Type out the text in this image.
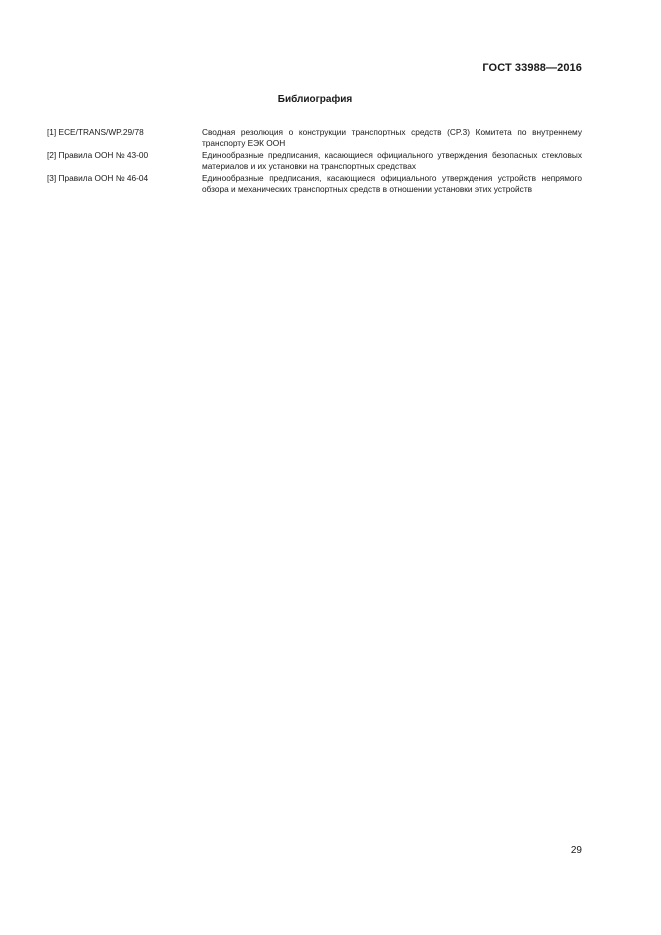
ГОСТ 33988—2016
Библиография
[1] ECE/TRANS/WP.29/78	Сводная резолюция о конструкции транспортных средств (CP.3) Комитета по внутреннему транспорту ЕЭК ООН
[2] Правила ООН № 43-00	Единообразные предписания, касающиеся официального утверждения безопасных стекловых материалов и их установки на транспортных средствах
[3] Правила ООН № 46-04	Единообразные предписания, касающиеся официального утверждения устройств непрямого обзора и механических транспортных средств в отношении установки этих устройств
29
